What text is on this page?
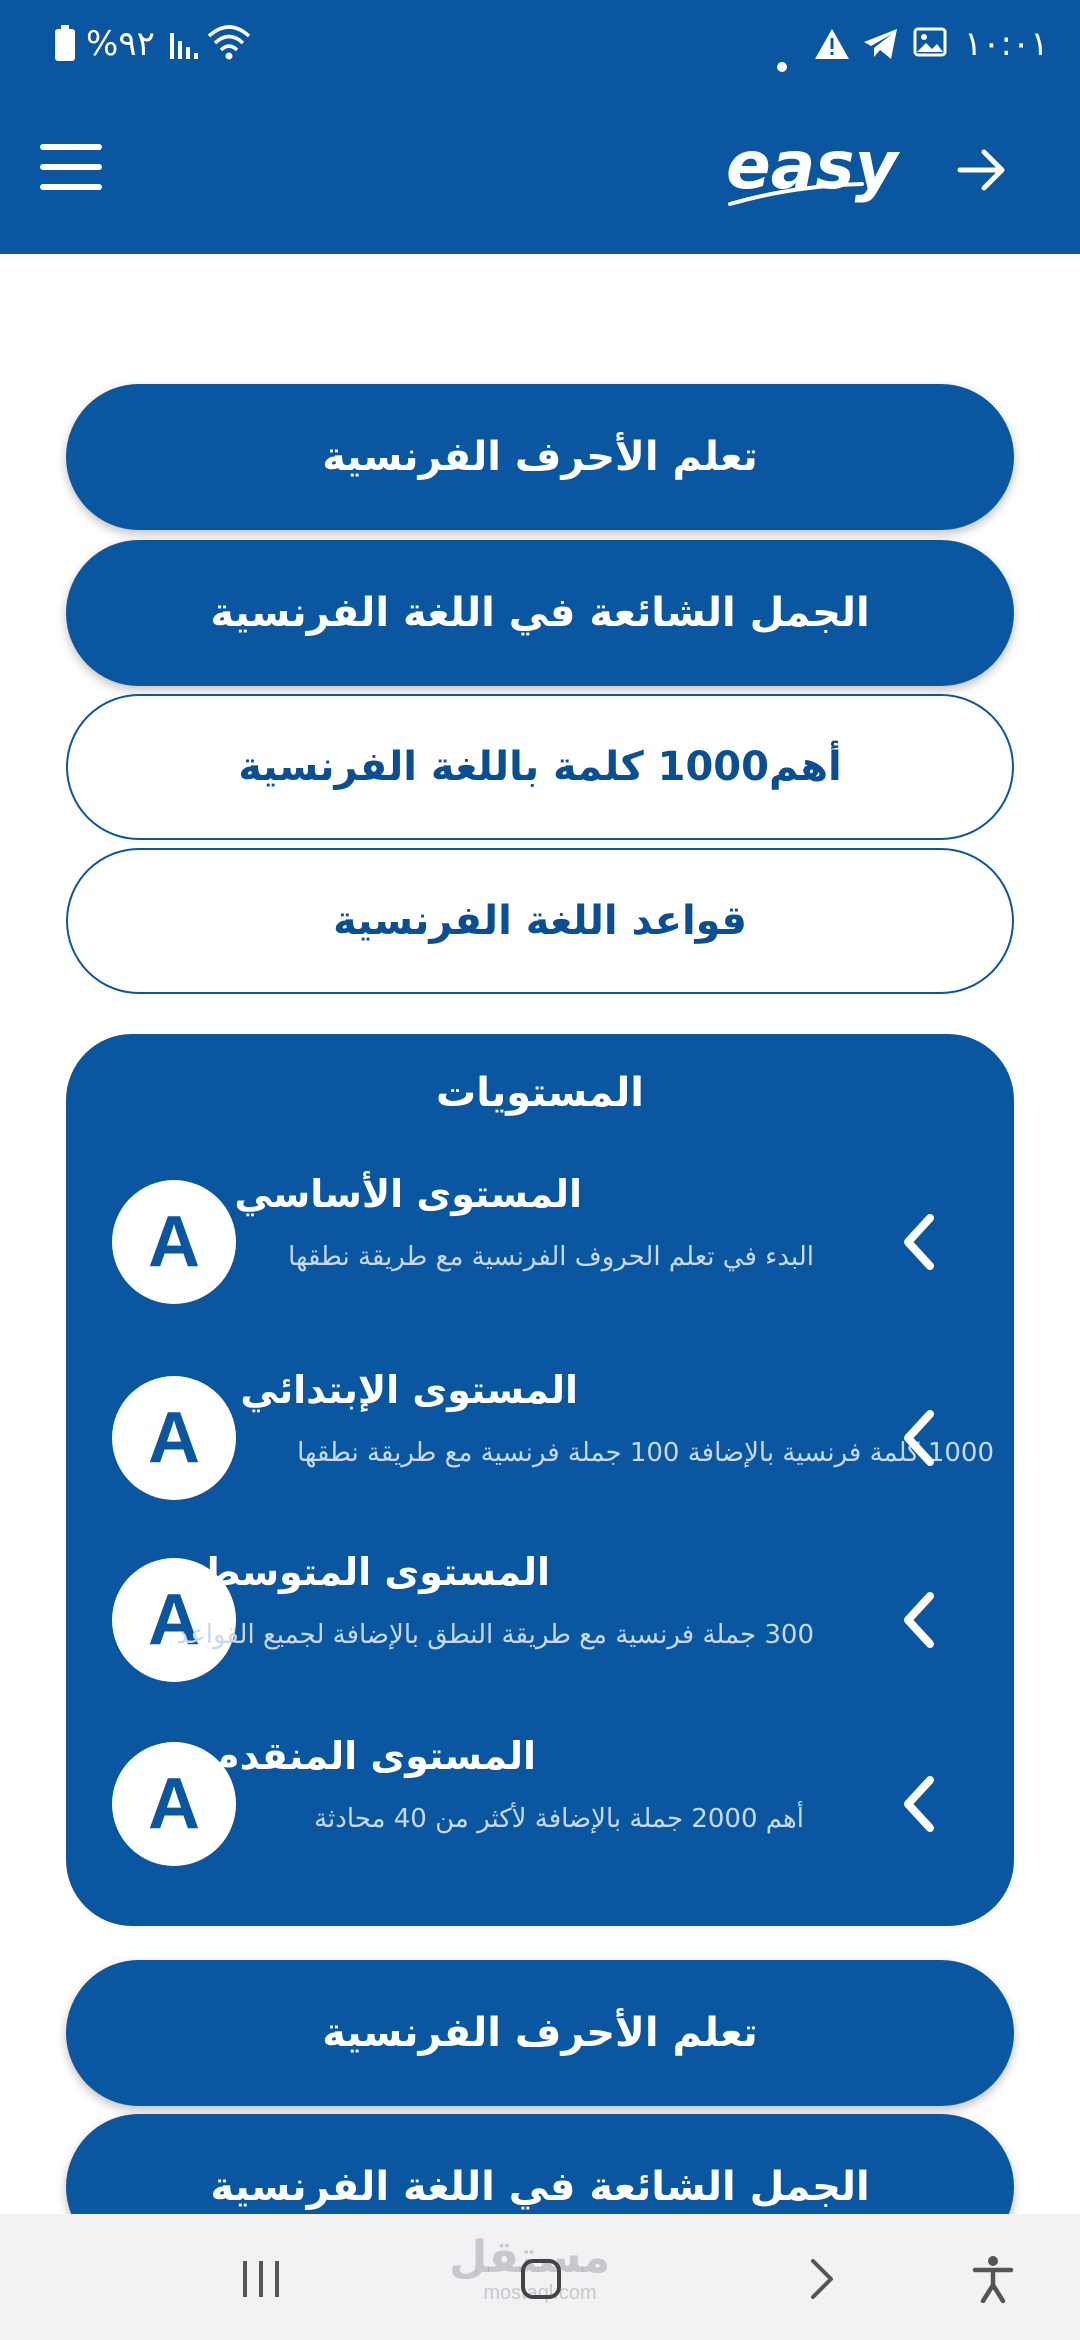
١٠:٠١
%٩٢
easy
تعلم الأحرف الفرنسية
الجمل الشائعة في اللغة الفرنسية
أهم1000 كلمة باللغة الفرنسية
قواعد اللغة الفرنسية
المستويات
A
المستوى الأساسي
البدء في تعلم الحروف الفرنسية مع طريقة نطقها
A
المستوى الإبتدائي
1000 كلمة فرنسية بالإضافة 100 جملة فرنسية مع طريقة نطقها
A
المستوى المتوسط
300 جملة فرنسية مع طريقة النطق بالإضافة لجميع القواعد
A
المستوى المنقدم
أهم 2000 جملة بالإضافة لأكثر من 40 محادثة
تعلم الأحرف الفرنسية
الجمل الشائعة في اللغة الفرنسية
مستقل
mostaql.com
